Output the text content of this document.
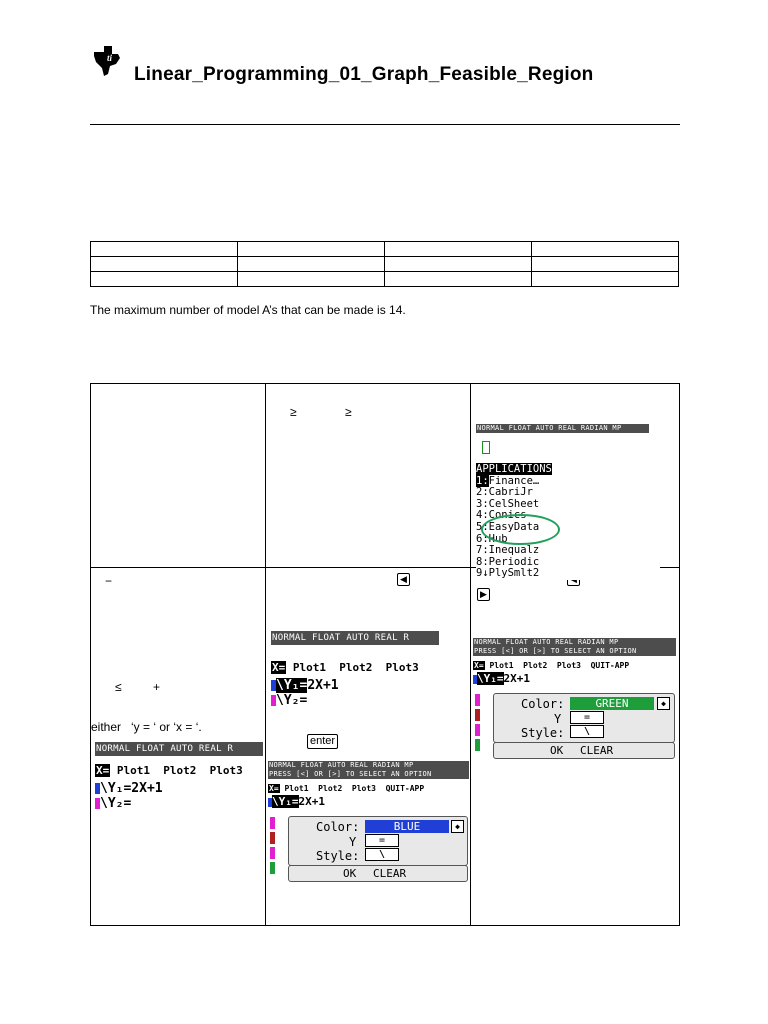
ti
Linear_Programming_01_Graph_Feasible_Region

The maximum number of model A’s that can be made is 14.

	≥ ≥	

−
≤ +
either   ‘y = ‘ or ‘x = ‘.	◀
enter	▶
NORMAL FLOAT AUTO REAL RADIAN MP
APPLICATIONS
1:Finance…
2:CabriJr
3:CelSheet
4:Conics
5:EasyData
6:Hub
7:Inequalz
8:Periodic
9↓PlySmlt2
NORMAL FLOAT AUTO REAL R
X= Plot1  Plot2  Plot3
\Y₁=2X+1
\Y₂=
NORMAL FLOAT AUTO REAL R
X= Plot1  Plot2  Plot3
\Y₁=2X+1
\Y₂=
NORMAL FLOAT AUTO REAL RADIAN MP
PRESS [<] OR [>] TO SELECT AN OPTION
X= Plot1  Plot2  Plot3  QUIT-APP
\Y₁=2X+1
Color:	BLUE	◆
Y	=
Style:	\
OK CLEAR
NORMAL FLOAT AUTO REAL RADIAN MP
PRESS [<] OR [>] TO SELECT AN OPTION
X= Plot1  Plot2  Plot3  QUIT-APP
\Y₁=2X+1
Color:	GREEN	◆
Y	=
Style:	\
OK CLEAR
